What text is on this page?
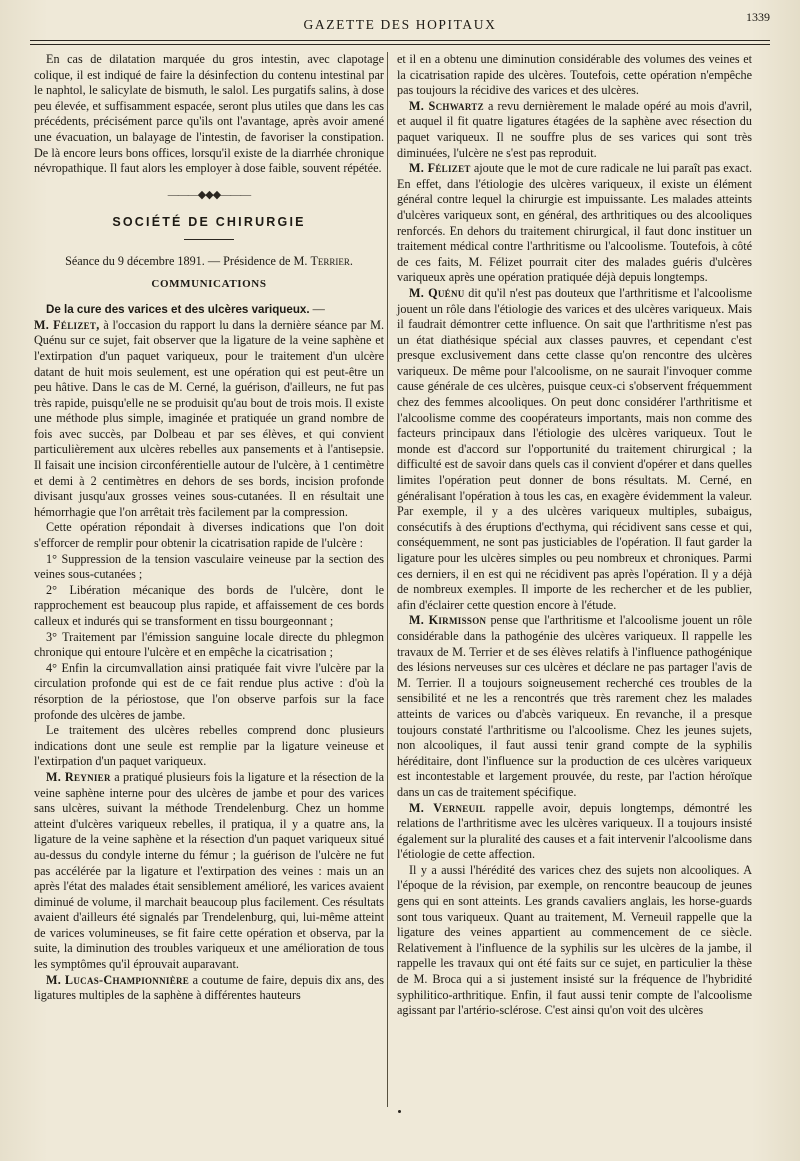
GAZETTE DES HOPITAUX	1339

En cas de dilatation marquée du gros intestin, avec clapotage colique, il est indiqué de faire la désinfection du contenu intestinal par le naphtol, le salicylate de bismuth, le salol. Les purgatifs salins, à dose peu élevée, et suffisamment espacée, seront plus utiles que dans les cas précédents, précisément parce qu'ils ont l'avantage, après avoir amené une évacuation, un balayage de l'intestin, de favoriser la constipation. De là encore leurs bons offices, lorsqu'il existe de la diarrhée chronique névropathique. Il faut alors les employer à dose faible, souvent répétée.

———◆◆◆———
SOCIÉTÉ DE CHIRURGIE
Séance du 9 décembre 1891. — Présidence de M. Terrier.
COMMUNICATIONS

De la cure des varices et des ulcères variqueux. —

M. Félizet, à l'occasion du rapport lu dans la dernière séance par M. Quénu sur ce sujet, fait observer que la ligature de la veine saphène et l'extirpation d'un paquet variqueux, pour le traitement d'un ulcère datant de huit mois seulement, est une opération qui est peut-être un peu hâtive. Dans le cas de M. Cerné, la guérison, d'ailleurs, ne fut pas très rapide, puisqu'elle ne se produisit qu'au bout de trois mois. Il existe une méthode plus simple, imaginée et pratiquée un grand nombre de fois avec succès, par Dolbeau et par ses élèves, et qui convient particulièrement aux ulcères rebelles aux pansements et à l'antisepsie. Il faisait une incision circonférentielle autour de l'ulcère, à 1 centimètre et demi à 2 centimètres en dehors de ses bords, incision profonde divisant jusqu'aux grosses veines sous-cutanées. Il en résultait une hémorrhagie que l'on arrêtait très facilement par la compression.

Cette opération répondait à diverses indications que l'on doit s'efforcer de remplir pour obtenir la cicatrisation rapide de l'ulcère :

1° Suppression de la tension vasculaire veineuse par la section des veines sous-cutanées ;

2° Libération mécanique des bords de l'ulcère, dont le rapprochement est beaucoup plus rapide, et affaissement de ces bords calleux et indurés qui se transforment en tissu bourgeonnant ;

3° Traitement par l'émission sanguine locale directe du phlegmon chronique qui entoure l'ulcère et en empêche la cicatrisation ;

4° Enfin la circumvallation ainsi pratiquée fait vivre l'ulcère par la circulation profonde qui est de ce fait rendue plus active : d'où la résorption de la périostose, que l'on observe parfois sur la face profonde des ulcères de jambe.

Le traitement des ulcères rebelles comprend donc plusieurs indications dont une seule est remplie par la ligature veineuse et l'extirpation d'un paquet variqueux.

M. Reynier a pratiqué plusieurs fois la ligature et la résection de la veine saphène interne pour des ulcères de jambe et pour des varices sans ulcères, suivant la méthode Trendelenburg. Chez un homme atteint d'ulcères variqueux rebelles, il pratiqua, il y a quatre ans, la ligature de la veine saphène et la résection d'un paquet variqueux situé au-dessus du condyle interne du fémur ; la guérison de l'ulcère ne fut pas accélérée par la ligature et l'extirpation des veines : mais un an après l'état des malades était sensiblement amélioré, les varices avaient diminué de volume, il marchait beaucoup plus facilement. Ces résultats avaient d'ailleurs été signalés par Trendelenburg, qui, lui-même atteint de varices volumineuses, se fit faire cette opération et observa, par la suite, la diminution des troubles variqueux et une amélioration de tous les symptômes qu'il éprouvait auparavant.

M. Lucas-Championnière a coutume de faire, depuis dix ans, des ligatures multiples de la saphène à différentes hauteurs

et il en a obtenu une diminution considérable des volumes des veines et la cicatrisation rapide des ulcères. Toutefois, cette opération n'empêche pas toujours la récidive des varices et des ulcères.

M. Schwartz a revu dernièrement le malade opéré au mois d'avril, et auquel il fit quatre ligatures étagées de la saphène avec résection du paquet variqueux. Il ne souffre plus de ses varices qui sont très diminuées, l'ulcère ne s'est pas reproduit.

M. Félizet ajoute que le mot de cure radicale ne lui paraît pas exact. En effet, dans l'étiologie des ulcères variqueux, il existe un élément général contre lequel la chirurgie est impuissante. Les malades atteints d'ulcères variqueux sont, en général, des arthritiques ou des alcooliques renforcés. En dehors du traitement chirurgical, il faut donc instituer un traitement médical contre l'arthritisme ou l'alcoolisme. Toutefois, à côté de ces faits, M. Félizet pourrait citer des malades guéris d'ulcères variqueux après une opération pratiquée déjà depuis longtemps.

M. Quénu dit qu'il n'est pas douteux que l'arthritisme et l'alcoolisme jouent un rôle dans l'étiologie des varices et des ulcères variqueux. Mais il faudrait démontrer cette influence. On sait que l'arthritisme n'est pas un état diathésique spécial aux classes pauvres, et cependant c'est presque exclusivement dans cette classe qu'on rencontre des ulcères variqueux. De même pour l'alcoolisme, on ne saurait l'invoquer comme cause générale de ces ulcères, puisque ceux-ci s'observent fréquemment chez des femmes alcooliques. On peut donc considérer l'arthritisme et l'alcoolisme comme des coopérateurs importants, mais non comme des facteurs principaux dans l'étiologie des ulcères variqueux. Tout le monde est d'accord sur l'opportunité du traitement chirurgical ; la difficulté est de savoir dans quels cas il convient d'opérer et dans quelles limites l'opération peut donner de bons résultats. M. Cerné, en généralisant l'opération à tous les cas, en exagère évidemment la valeur. Par exemple, il y a des ulcères variqueux multiples, subaigus, consécutifs à des éruptions d'ecthyma, qui récidivent sans cesse et qui, conséquemment, ne sont pas justiciables de l'opération. Il faut garder la ligature pour les ulcères simples ou peu nombreux et chroniques. Parmi ces derniers, il en est qui ne récidivent pas après l'opération. Il y a déjà de nombreux exemples. Il importe de les rechercher et de les publier, afin d'éclairer cette question encore à l'étude.

M. Kirmisson pense que l'arthritisme et l'alcoolisme jouent un rôle considérable dans la pathogénie des ulcères variqueux. Il rappelle les travaux de M. Terrier et de ses élèves relatifs à l'influence pathogénique des lésions nerveuses sur ces ulcères et déclare ne pas partager l'avis de M. Terrier. Il a toujours soigneusement recherché ces troubles de la sensibilité et ne les a rencontrés que très rarement chez les malades atteints de varices ou d'abcès variqueux. En revanche, il a presque toujours constaté l'arthritisme ou l'alcoolisme. Chez les jeunes sujets, non alcooliques, il faut aussi tenir grand compte de la syphilis héréditaire, dont l'influence sur la production de ces ulcères variqueux est incontestable et largement prouvée, du reste, par l'action héroïque dans un cas de traitement spécifique.

M. Verneuil rappelle avoir, depuis longtemps, démontré les relations de l'arthritisme avec les ulcères variqueux. Il a toujours insisté également sur la pluralité des causes et a fait intervenir l'alcoolisme dans l'étiologie de cette affection.

Il y a aussi l'hérédité des varices chez des sujets non alcooliques. A l'époque de la révision, par exemple, on rencontre beaucoup de jeunes gens qui en sont atteints. Les grands cavaliers anglais, les horse-guards sont tous variqueux. Quant au traitement, M. Verneuil rappelle que la ligature des veines appartient au commencement de ce siècle. Relativement à l'influence de la syphilis sur les ulcères de la jambe, il rappelle les travaux qui ont été faits sur ce sujet, en particulier la thèse de M. Broca qui a si justement insisté sur la fréquence de l'hybridité syphilitico-arthritique. Enfin, il faut aussi tenir compte de l'alcoolisme agissant par l'artério-sclérose. C'est ainsi qu'on voit des ulcères
